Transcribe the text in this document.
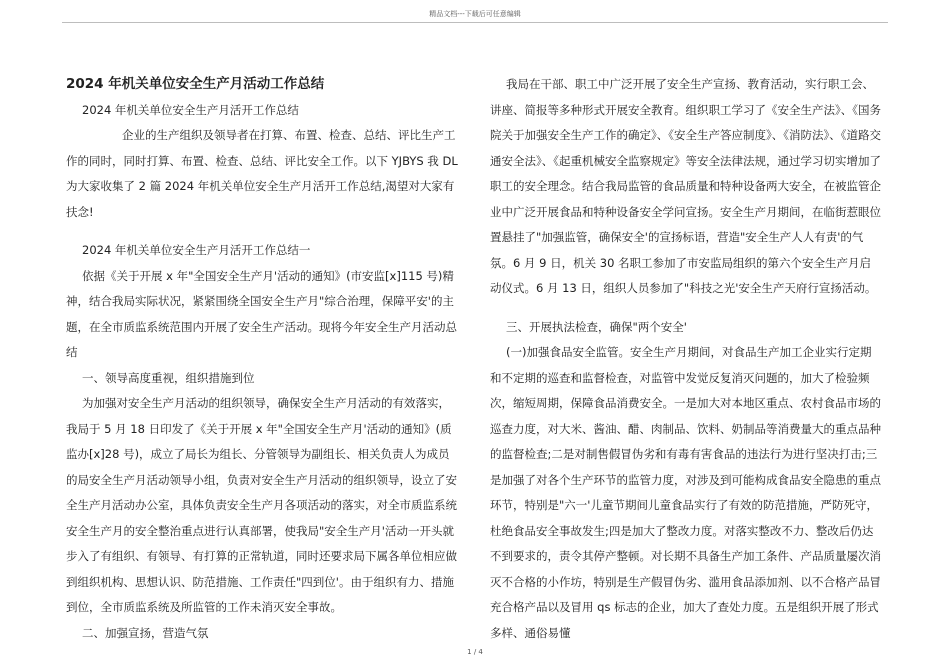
精品文档---下载后可任意编辑

2024 年机关单位安全生产月活动工作总结

2024 年机关单位安全生产月活开工作总结

企业的生产组织及领导者在打算、布置、检查、总结、评比生产工作的同时，同时打算、布置、检查、总结、评比安全工作。以下 YJBYS 我 DL 为大家收集了 2 篇 2024 年机关单位安全生产月活开工作总结,渴望对大家有扶念!

2024 年机关单位安全生产月活开工作总结一

依据《关于开展 x 年"全国安全生产月'活动的通知》(市安监[x]115 号)精神，结合我局实际状况，紧紧围绕全国安全生产月"综合治理，保障平安'的主题，在全市质监系统范围内开展了安全生产活动。现将今年安全生产月活动总结

一、领导高度重视，组织措施到位

为加强对安全生产月活动的组织领导，确保安全生产月活动的有效落实，我局于 5 月 18 日印发了《关于开展 x 年"全国安全生产月'活动的通知》(质监办[x]28 号)，成立了局长为组长、分管领导为副组长、相关负责人为成员的局安全生产月活动领导小组，负责对安全生产月活动的组织领导，设立了安全生产月活动办公室，具体负责安全生产月各项活动的落实，对全市质监系统安全生产月的安全整治重点进行认真部署，使我局"安全生产月'活动一开头就步入了有组织、有领导、有打算的正常轨道，同时还要求局下属各单位相应做到组织机构、思想认识、防范措施、工作责任"四到位'。由于组织有力、措施到位，全市质监系统及所监管的工作未消灭安全事故。

二、加强宣扬，营造气氛

我局在干部、职工中广泛开展了安全生产宣扬、教育活动，实行职工会、讲座、简报等多种形式开展安全教育。组织职工学习了《安全生产法》、《国务院关于加强安全生产工作的确定》、《安全生产答应制度》、《消防法》、《道路交通安全法》、《起重机械安全监察规定》等安全法律法规，通过学习切实增加了职工的安全理念。结合我局监管的食品质量和特种设备两大安全，在被监管企业中广泛开展食品和特种设备安全学问宣扬。安全生产月期间，在临街惹眼位置悬挂了"加强监管，确保安全'的宣扬标语，营造"安全生产人人有责'的气氛。6 月 9 日，机关 30 名职工参加了市安监局组织的第六个安全生产月启动仪式。6 月 13 日，组织人员参加了"科技之光'安全生产天府行宣扬活动。

三、开展执法检查，确保"两个安全'

(一)加强食品安全监管。安全生产月期间，对食品生产加工企业实行定期和不定期的巡查和监督检查，对监管中发觉反复消灭问题的，加大了检验频次，缩短周期，保障食品消费安全。一是加大对本地区重点、农村食品市场的巡查力度，对大米、酱油、醋、肉制品、饮料、奶制品等消费量大的重点品种的监督检查;二是对制售假冒伪劣和有毒有害食品的违法行为进行坚决打击;三是加强了对各个生产环节的监管力度，对涉及到可能构成食品安全隐患的重点环节，特别是"六一'儿童节期间儿童食品实行了有效的防范措施，严防死守，杜绝食品安全事故发生;四是加大了整改力度。对落实整改不力、整改后仍达不到要求的，责令其停产整顿。对长期不具备生产加工条件、产品质量屡次消灭不合格的小作坊，特别是生产假冒伪劣、滥用食品添加剂、以不合格产品冒充合格产品以及冒用 qs 标志的企业，加大了查处力度。五是组织开展了形式多样、通俗易懂

1 / 4
